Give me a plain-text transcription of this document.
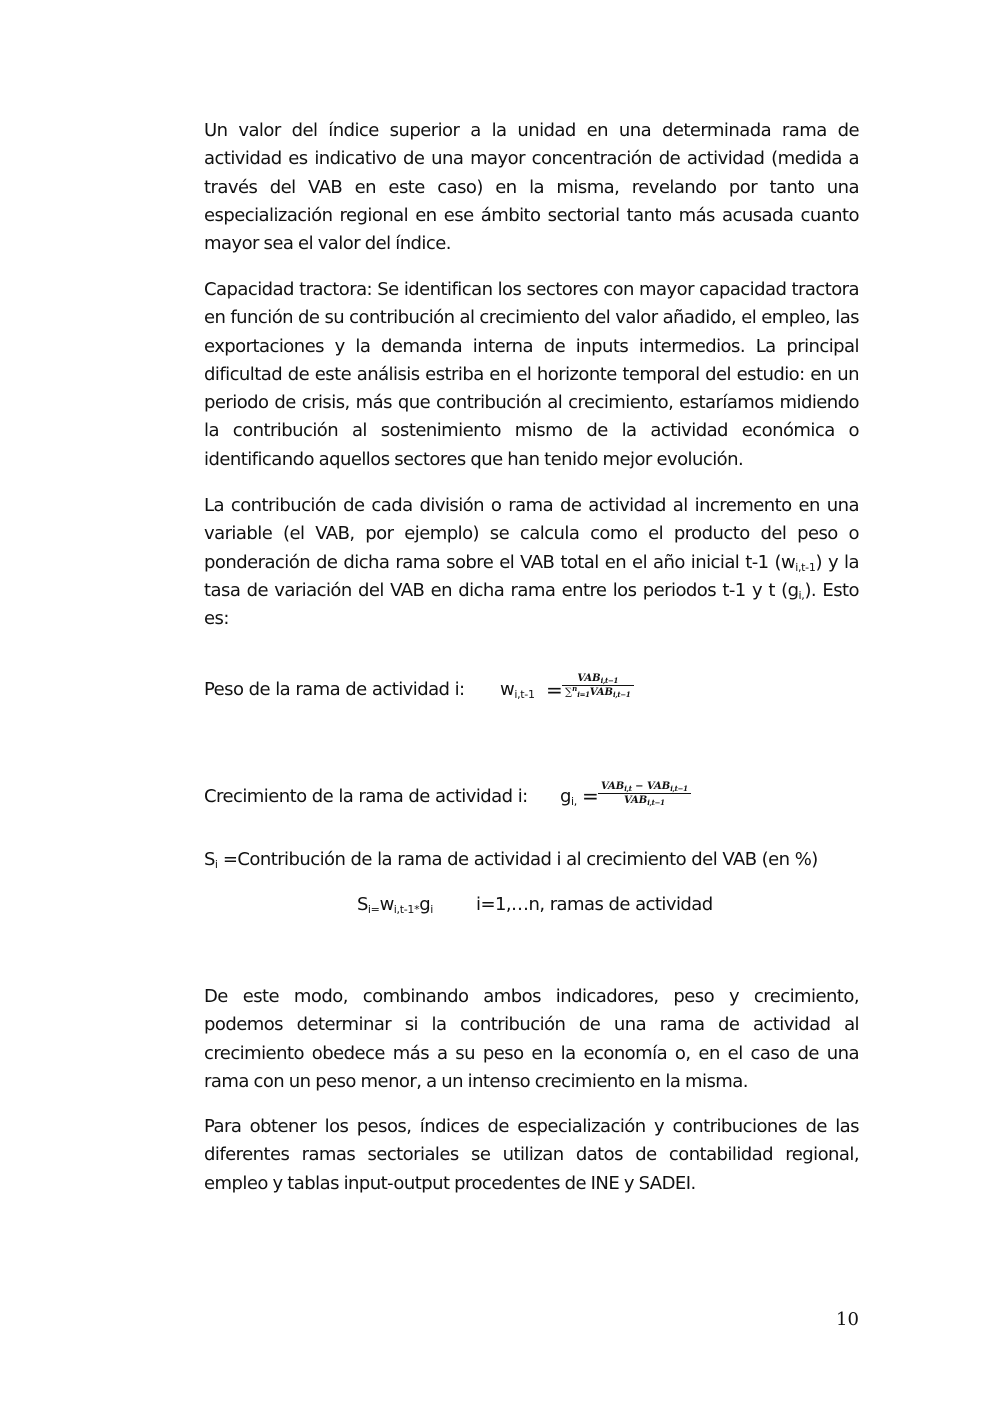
Un valor del índice superior a la unidad en una determinada rama de actividad es indicativo de una mayor concentración de actividad (medida a través del VAB en este caso) en la misma, revelando por tanto una especialización regional en ese ámbito sectorial tanto más acusada cuanto mayor sea el valor del índice.

Capacidad tractora: Se identifican los sectores con mayor capacidad tractora en función de su contribución al crecimiento del valor añadido, el empleo, las exportaciones y la demanda interna de inputs intermedios. La principal dificultad de este análisis estriba en el horizonte temporal del estudio: en un periodo de crisis, más que contribución al crecimiento, estaríamos midiendo la contribución al sostenimiento mismo de la actividad económica o identificando aquellos sectores que han tenido mejor evolución.

La contribución de cada división o rama de actividad al incremento en una variable (el VAB, por ejemplo) se calcula como el producto del peso o ponderación de dicha rama sobre el VAB total en el año inicial t-1 $(w_{i,t-1})$ y la tasa de variación del VAB en dicha rama entre los periodos t-1 y t $(g_{i,})$. Esto es:

Peso de la rama de actividad i: $w_{i,t-1}$ =	$VAB_{i,t-1}$
$\sum^n_{i=1}VAB_{i,t-1}$
Crecimiento de la rama de actividad i: $g_{i,} = VAB_{i,t} - VAB_{i,t-1}$
$VAB_{i,t-1}$
$S_i$ =Contribución de la rama de actividad i al crecimiento del VAB (en %)
$S_{i=}w_{i,t-1*}g_i$ i=1,…n, ramas de actividad

De este modo, combinando ambos indicadores, peso y crecimiento, podemos determinar si la contribución de una rama de actividad al crecimiento obedece más a su peso en la economía o, en el caso de una rama con un peso menor, a un intenso crecimiento en la misma.

Para obtener los pesos, índices de especialización y contribuciones de las diferentes ramas sectoriales se utilizan datos de contabilidad regional, empleo y tablas input-output procedentes de INE y SADEI.

10
